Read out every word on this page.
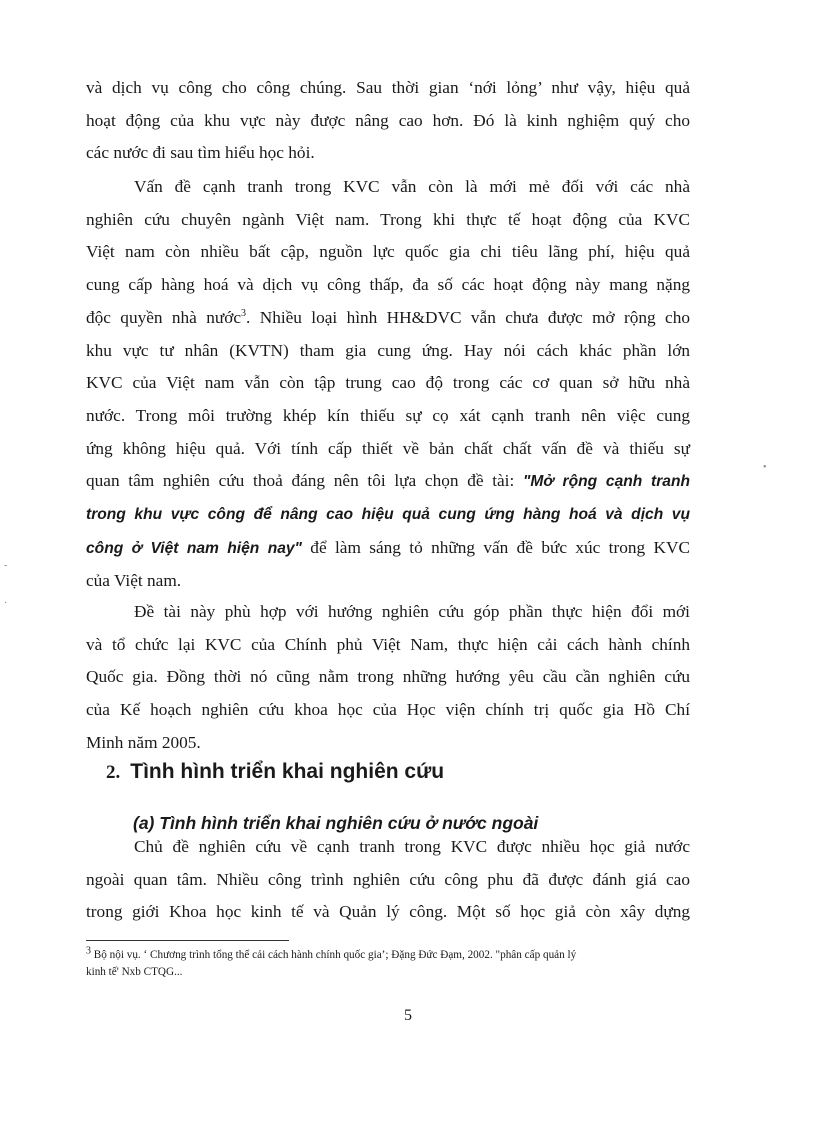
và dịch vụ công cho công chúng. Sau thời gian ‘nới lỏng’ như vậy, hiệu quả
hoạt động của khu vực này được nâng cao hơn. Đó là kinh nghiệm quý cho
các nước đi sau tìm hiểu học hỏi.
Vấn đề cạnh tranh trong KVC vẫn còn là mới mẻ đối với các nhà
nghiên cứu chuyên ngành Việt nam. Trong khi thực tế hoạt động của KVC
Việt nam còn nhiều bất cập, nguồn lực quốc gia chi tiêu lãng phí, hiệu quả
cung cấp hàng hoá và dịch vụ công thấp, đa số các hoạt động này mang nặng
độc quyền nhà nước$^3$. Nhiều loại hình HH&DVC vẫn chưa được mở rộng cho
khu vực tư nhân (KVTN) tham gia cung ứng. Hay nói cách khác phần lớn
KVC của Việt nam vẫn còn tập trung cao độ trong các cơ quan sở hữu nhà
nước. Trong môi trường khép kín thiếu sự cọ xát cạnh tranh nên việc cung
ứng không hiệu quả. Với tính cấp thiết về bản chất chất vấn đề và thiếu sự
quan tâm nghiên cứu thoả đáng nên tôi lựa chọn đề tài: "Mở rộng cạnh tranh
trong khu vực công để nâng cao hiệu quả cung ứng hàng hoá và dịch vụ
công ở Việt nam hiện nay" để làm sáng tỏ những vấn đề bức xúc trong KVC
của Việt nam.
Đề tài này phù hợp với hướng nghiên cứu góp phần thực hiện đổi mới
và tổ chức lại KVC của Chính phủ Việt Nam, thực hiện cải cách hành chính
Quốc gia. Đồng thời nó cũng nằm trong những hướng yêu cầu cần nghiên cứu
của Kế hoạch nghiên cứu khoa học của Học viện chính trị quốc gia Hồ Chí
Minh năm 2005.
2. Tình hình triển khai nghiên cứu
(a) Tình hình triển khai nghiên cứu ở nước ngoài
Chủ đề nghiên cứu về cạnh tranh trong KVC được nhiều học giả nước
ngoài quan tâm. Nhiều công trình nghiên cứu công phu đã được đánh giá cao
trong giới Khoa học kinh tế và Quản lý công. Một số học giả còn xây dựng

$^3$ Bộ nội vụ. ‘ Chương trình tổng thể cải cách hành chính quốc gia’; Đặng Đức Đạm, 2002. "phân cấp quản lý
kinh tế' Nxb CTQG...

5

•
-
·
